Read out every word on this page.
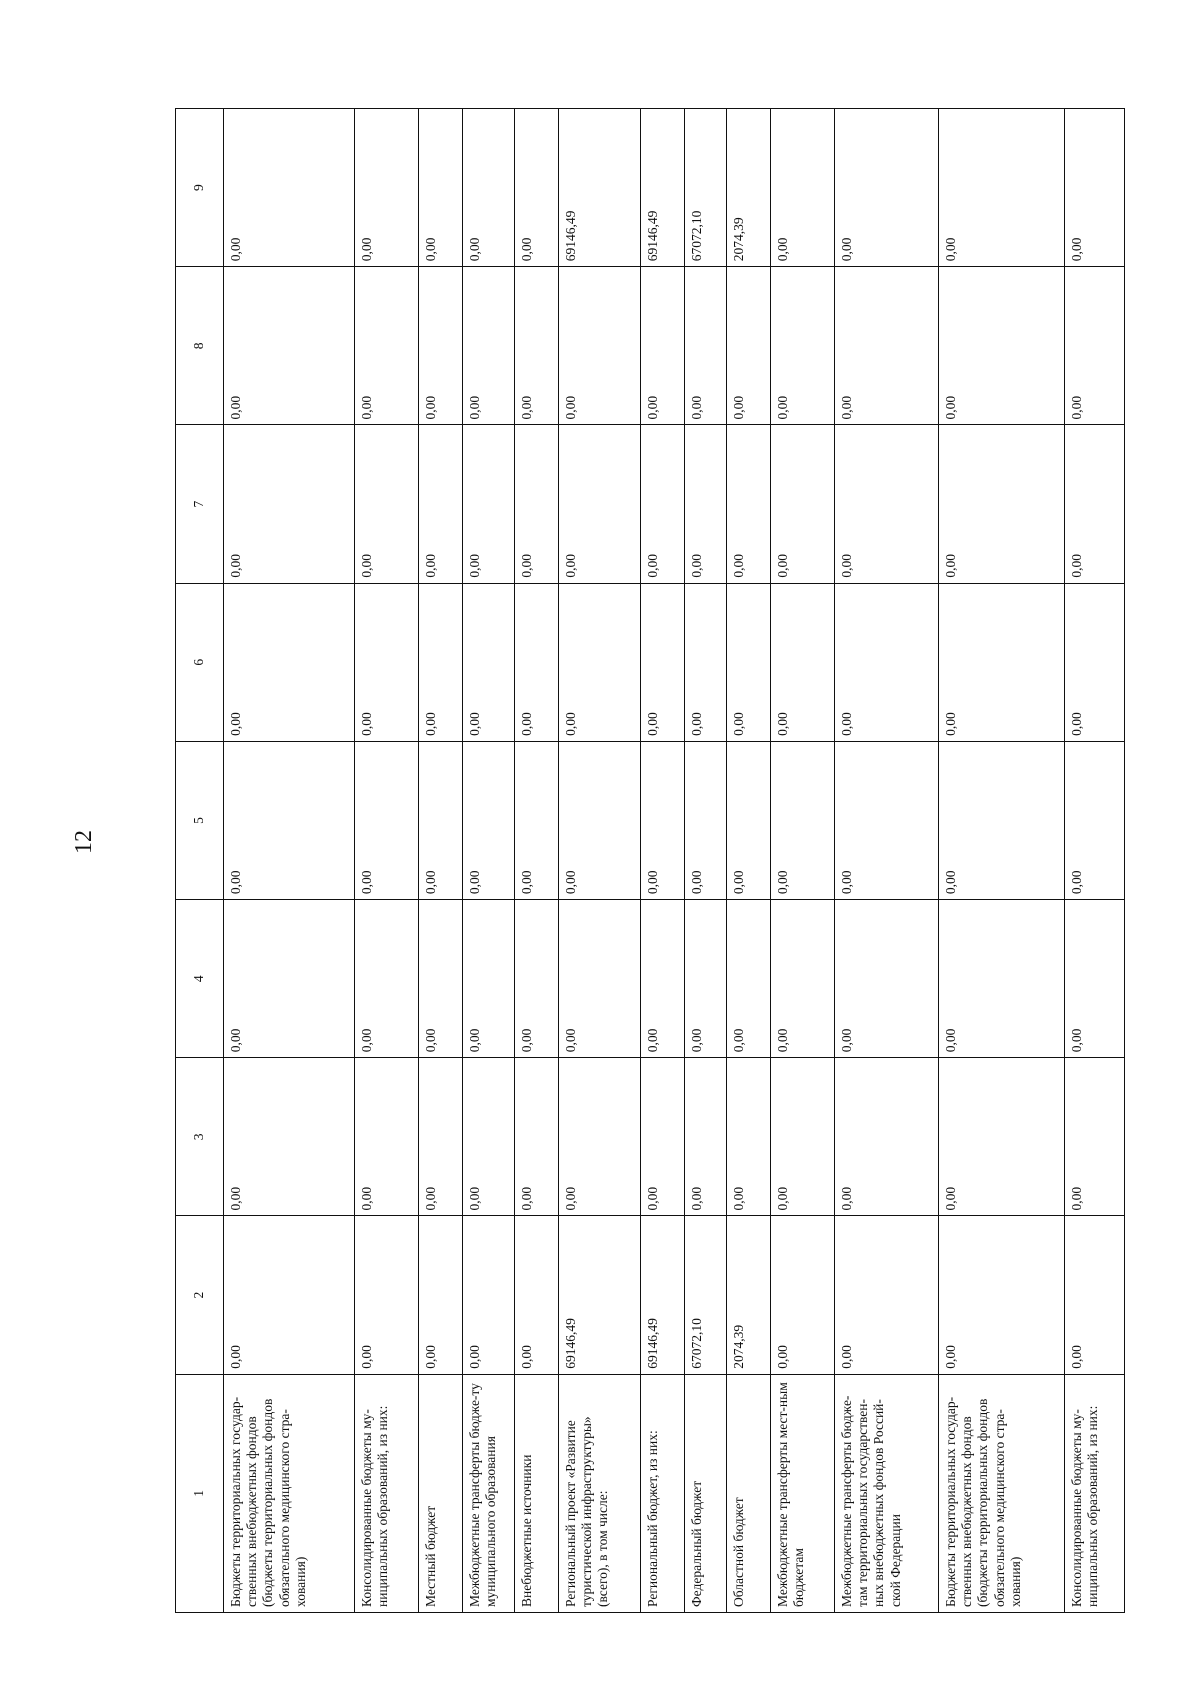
12
1	2	3	4	5	6	7	8	9
Бюджеты территориальных государ-ственных внебюджетных фондов (бюджеты территориальных фондов обязательного медицинского стра-хования)	0,00	0,00	0,00	0,00	0,00	0,00	0,00	0,00
Консолидированные бюджеты му-ниципальных образований, из них:	0,00	0,00	0,00	0,00	0,00	0,00	0,00	0,00
Местный бюджет	0,00	0,00	0,00	0,00	0,00	0,00	0,00	0,00
Межбюджетные трансферты бюдже-ту муниципального образования	0,00	0,00	0,00	0,00	0,00	0,00	0,00	0,00
Внебюджетные источники	0,00	0,00	0,00	0,00	0,00	0,00	0,00	0,00
Региональный проект «Развитие туристической инфраструктуры» (всего), в том числе:	69146,49	0,00	0,00	0,00	0,00	0,00	0,00	69146,49
Региональный бюджет, из них:	69146,49	0,00	0,00	0,00	0,00	0,00	0,00	69146,49
Федеральный бюджет	67072,10	0,00	0,00	0,00	0,00	0,00	0,00	67072,10
Областной бюджет	2074,39	0,00	0,00	0,00	0,00	0,00	0,00	2074,39
Межбюджетные трансферты мест-ным бюджетам	0,00	0,00	0,00	0,00	0,00	0,00	0,00	0,00
Межбюджетные трансферты бюдже-там территориальных государствен-ных внебюджетных фондов Россий-ской Федерации	0,00	0,00	0,00	0,00	0,00	0,00	0,00	0,00
Бюджеты территориальных государ-ственных внебюджетных фондов (бюджеты территориальных фондов обязательного медицинского стра-хования)	0,00	0,00	0,00	0,00	0,00	0,00	0,00	0,00
Консолидированные бюджеты му-ниципальных образований, из них:	0,00	0,00	0,00	0,00	0,00	0,00	0,00	0,00
